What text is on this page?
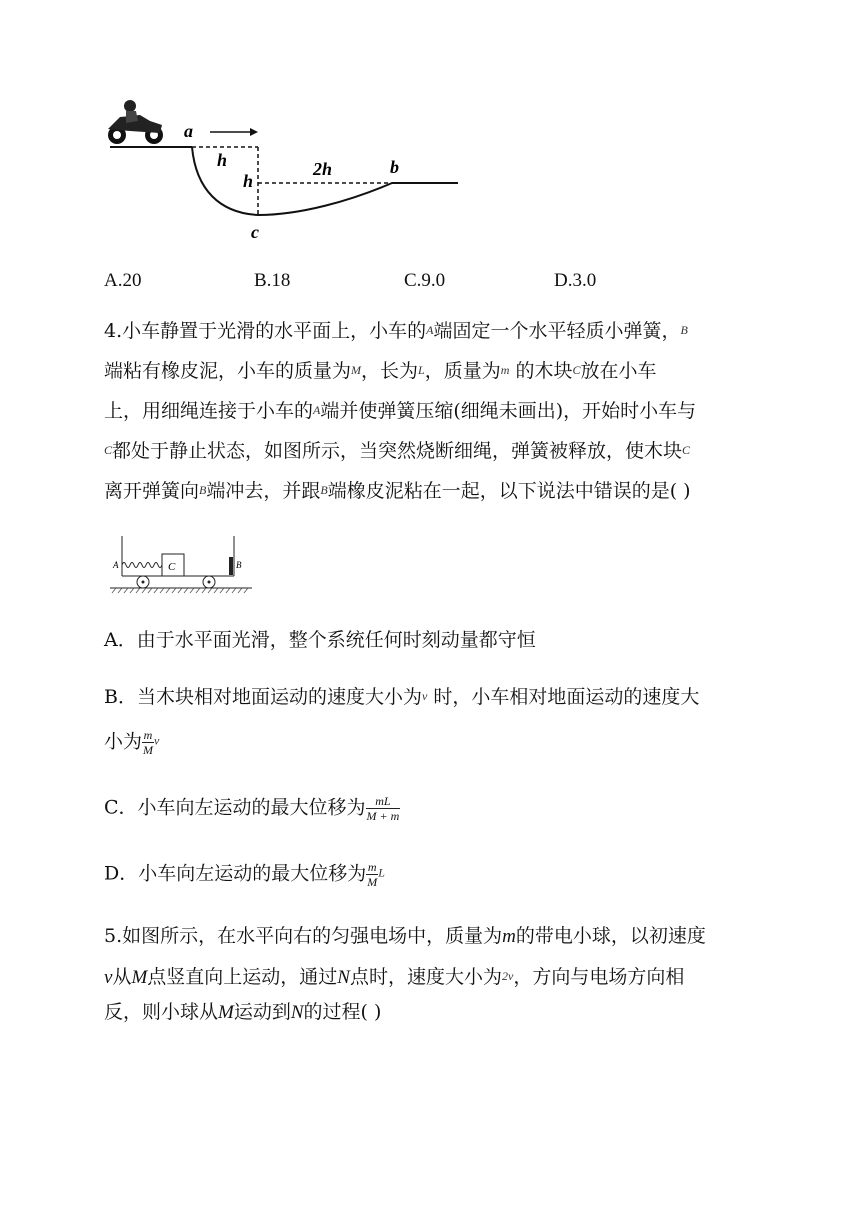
a
h
h
2h	b
c
A.20	B.18	C.9.0	D.3.0
4.小车静置于光滑的水平面上，小车的A端固定一个水平轻质小弹簧，B
端粘有橡皮泥，小车的质量为M，长为L，质量为m 的木块C放在小车
上，用细绳连接于小车的A端并使弹簧压缩(细绳未画出)，开始时小车与
C都处于静止状态，如图所示，当突然烧断细绳，弹簧被释放，使木块C
离开弹簧向B端冲去，并跟B端橡皮泥粘在一起，以下说法中错误的是( )
C
A	B
A．由于水平面光滑，整个系统任何时刻动量都守恒
B．当木块相对地面运动的速度大小为v 时，小车相对地面运动的速度大
小为 $\frac{m}{M}$ v
C．小车向左运动的最大位移为 $\frac{mL}{M + m}$
D．小车向左运动的最大位移为 $\frac{m}{M}$ L
5.如图所示，在水平向右的匀强电场中，质量为m的带电小球，以初速度
v从M点竖直向上运动，通过N点时，速度大小为2v，方向与电场方向相
反，则小球从M运动到N的过程( )
